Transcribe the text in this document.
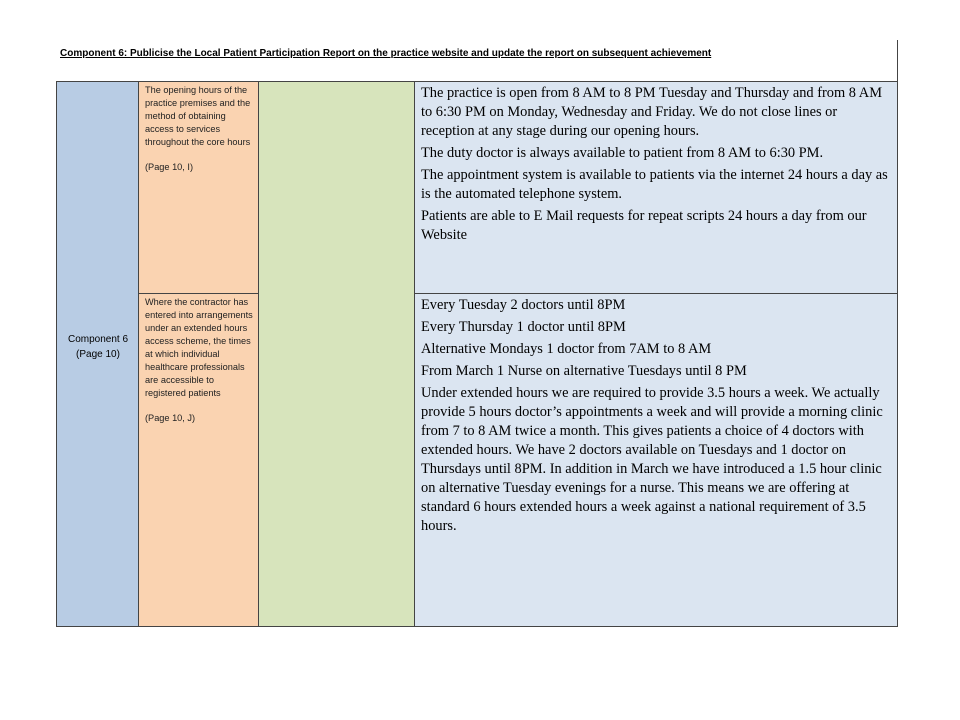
Component 6: Publicise the Local Patient Participation Report on the practice website and update the report on subsequent achievement
Component 6
(Page 10)
The opening hours of the practice premises and the method of obtaining access to services throughout the core hours
(Page 10, I)
Where the contractor has entered into arrangements under an extended hours access scheme, the times at which individual healthcare professionals are accessible to registered patients
(Page 10, J)

The practice is open from 8 AM to 8 PM Tuesday and Thursday and from 8 AM to 6:30 PM on Monday, Wednesday and Friday. We do not close lines or reception at any stage during our opening hours.

The duty doctor is always available to patient from 8 AM to 6:30 PM.

The appointment system is available to patients via the internet 24 hours a day as is the automated telephone system.

Patients are able to E Mail requests for repeat scripts 24 hours a day from our Website

Every Tuesday 2 doctors until 8PM

Every Thursday 1 doctor until 8PM

Alternative Mondays 1 doctor from 7AM to 8 AM

From March 1 Nurse on alternative Tuesdays until 8 PM

Under extended hours we are required to provide 3.5 hours a week. We actually provide 5 hours doctor’s appointments a week and will provide a morning clinic from 7 to 8 AM twice a month. This gives patients a choice of 4 doctors with extended hours. We have 2 doctors available on Tuesdays and 1 doctor on Thursdays until 8PM. In addition in March we have introduced a 1.5 hour clinic on alternative Tuesday evenings for a nurse. This means we are offering at standard 6 hours extended hours a week against a national requirement of 3.5 hours.
